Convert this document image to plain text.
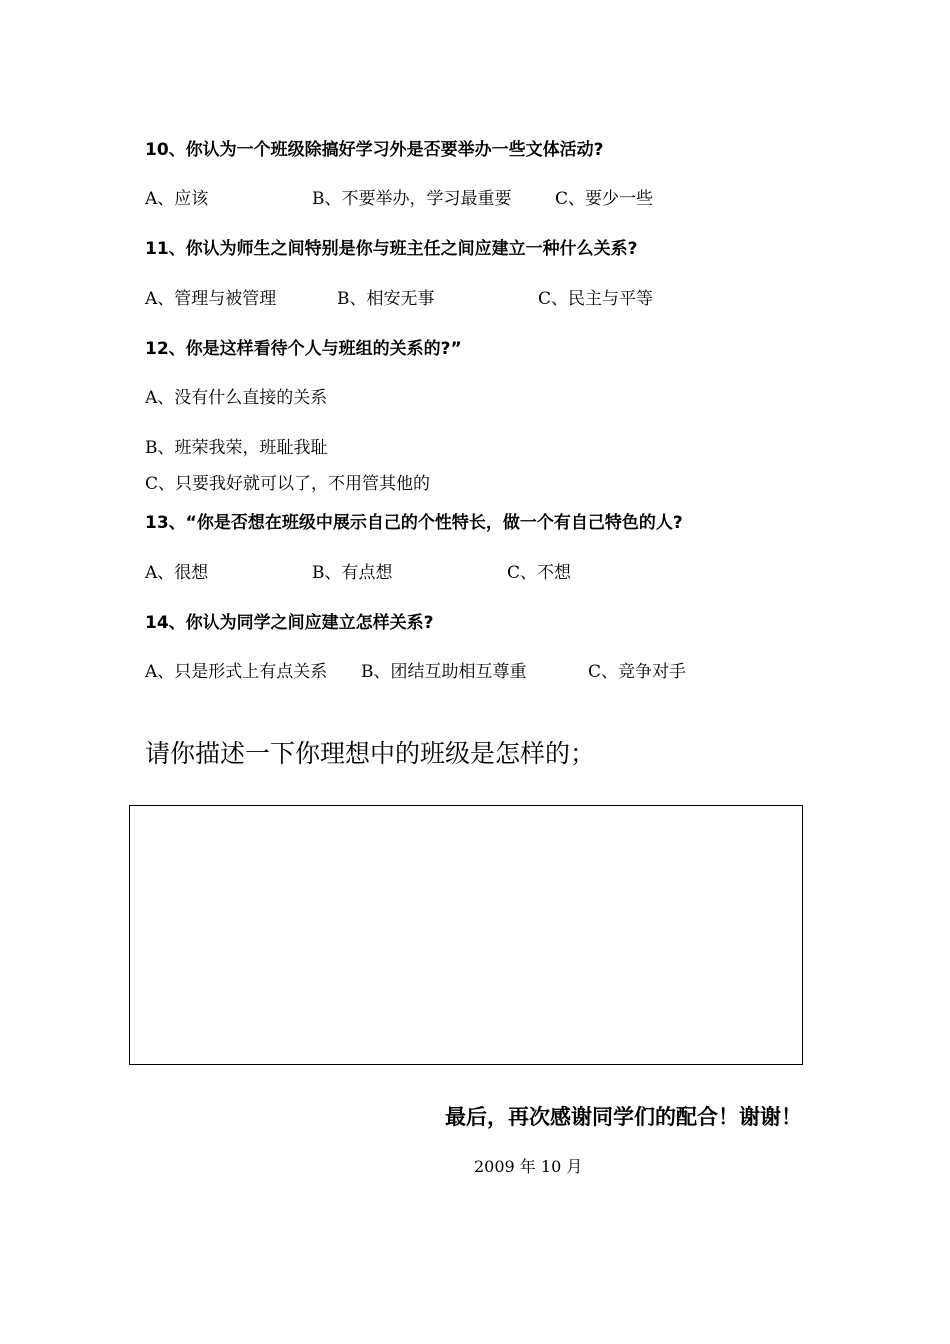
10、你认为一个班级除搞好学习外是否要举办一些文体活动?
A、应该	B、不要举办，学习最重要	C、要少一些
11、你认为师生之间特别是你与班主任之间应建立一种什么关系?
A、管理与被管理	B、相安无事	C、民主与平等
12、你是这样看待个人与班组的关系的?”
A、没有什么直接的关系
B、班荣我荣，班耻我耻
C、只要我好就可以了，不用管其他的
13、“你是否想在班级中展示自己的个性特长，做一个有自己特色的人?
A、很想	B、有点想	C、不想
14、你认为同学之间应建立怎样关系?
A、只是形式上有点关系 B、团结互助相互尊重	C、竞争对手
请你描述一下你理想中的班级是怎样的；
最后，再次感谢同学们的配合！谢谢！
2009 年 10 月
